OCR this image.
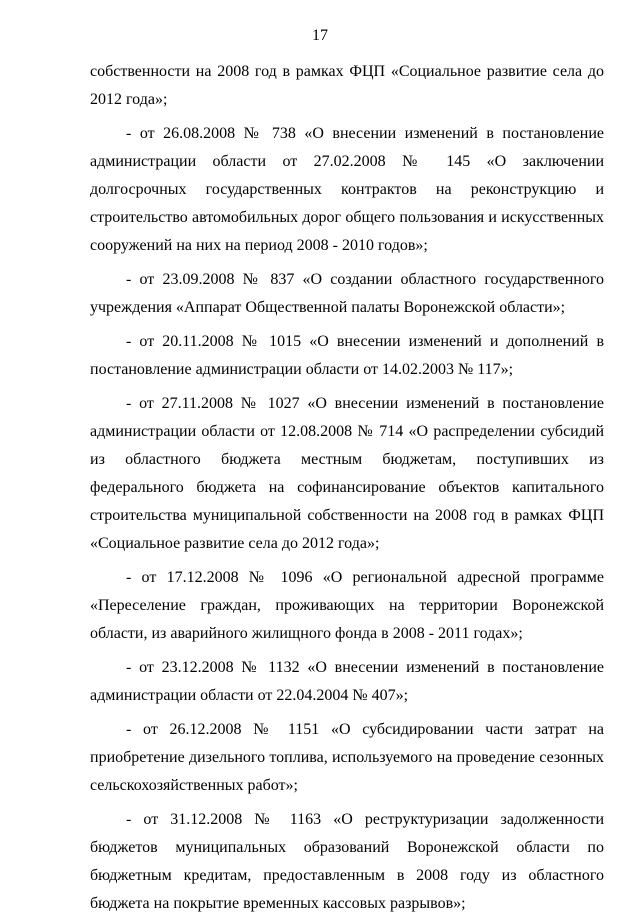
17

собственности на 2008 год в рамках ФЦП «Социальное развитие села до 2012 года»;

- от 26.08.2008 № 738 «О внесении изменений в постановление администрации области от 27.02.2008 № 145 «О заключении долгосрочных государственных контрактов на реконструкцию и строительство автомобильных дорог общего пользования и искусственных сооружений на них на период 2008 - 2010 годов»;

- от 23.09.2008 № 837 «О создании областного государственного учреждения «Аппарат Общественной палаты Воронежской области»;

- от 20.11.2008 № 1015 «О внесении изменений и дополнений в постановление администрации области от 14.02.2003 № 117»;

- от 27.11.2008 № 1027 «О внесении изменений в постановление администрации области от 12.08.2008 № 714 «О распределении субсидий из областного бюджета местным бюджетам, поступивших из федерального бюджета на софинансирование объектов капитального строительства муниципальной собственности на 2008 год в рамках ФЦП «Социальное развитие села до 2012 года»;

- от 17.12.2008 № 1096 «О региональной адресной программе «Переселение граждан, проживающих на территории Воронежской области, из аварийного жилищного фонда в 2008 - 2011 годах»;

- от 23.12.2008 № 1132 «О внесении изменений в постановление администрации области от 22.04.2004 № 407»;

- от 26.12.2008 № 1151 «О субсидировании части затрат на приобретение дизельного топлива, используемого на проведение сезонных сельскохозяйственных работ»;

- от 31.12.2008 № 1163 «О реструктуризации задолженности бюджетов муниципальных образований Воронежской области по бюджетным кредитам, предоставленным в 2008 году из областного бюджета на покрытие временных кассовых разрывов»;
